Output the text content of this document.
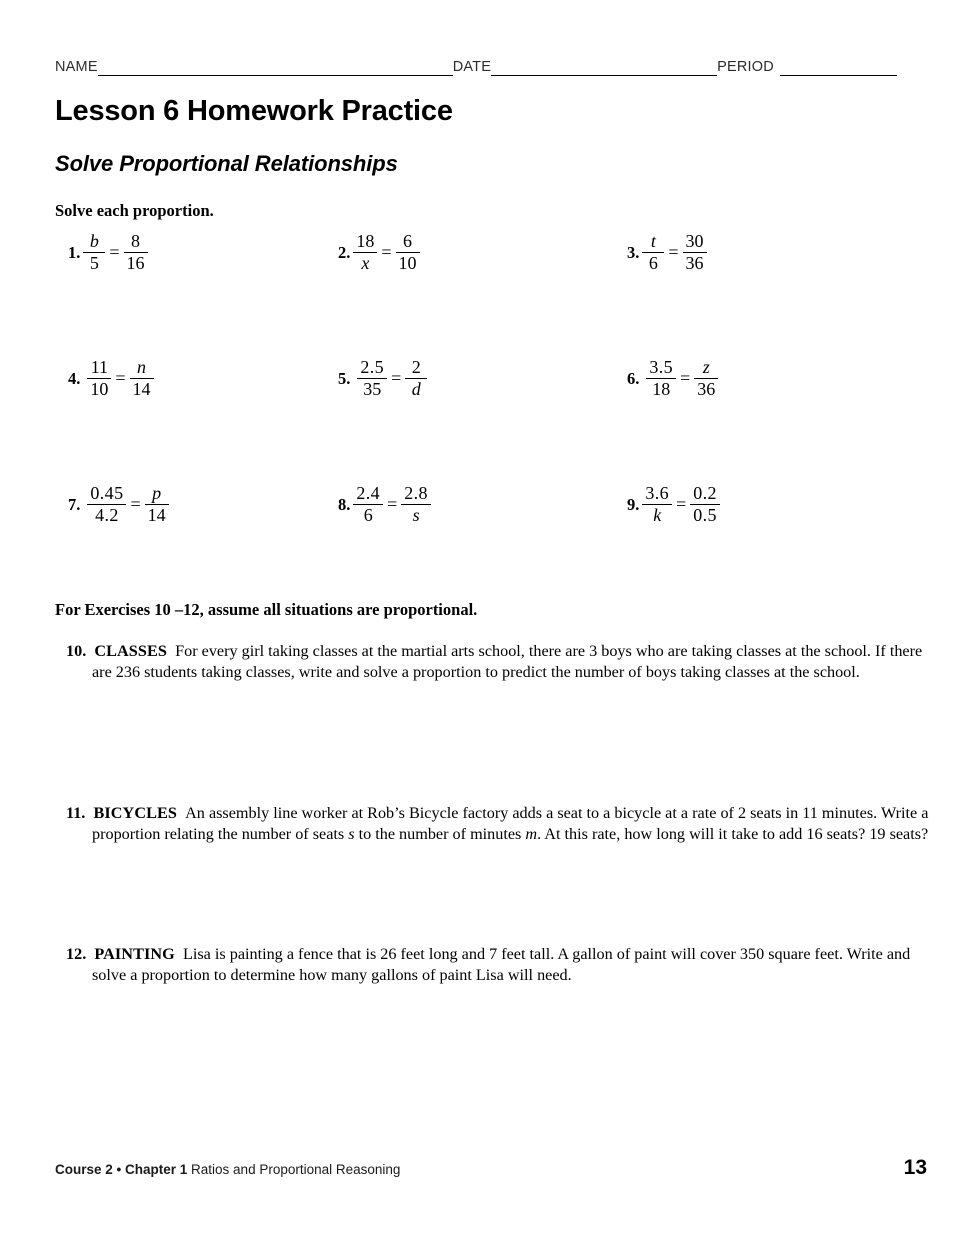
NAME	DATE	PERIOD
Lesson 6 Homework Practice
Solve Proportional Relationships
Solve each proportion.
1. $\frac{b}{5} = \frac{8}{16}$	2. $\frac{18}{x} = \frac{6}{10}$	3. $\frac{t}{6} = \frac{30}{36}$
4. $\frac{11}{10} = \frac{n}{14}$	5. $\frac{2.5}{35} = \frac{2}{d}$	6. $\frac{3.5}{18} = \frac{z}{36}$
7. $\frac{0.45}{4.2} = \frac{p}{14}$	8. $\frac{2.4}{6} = \frac{2.8}{s}$	9. $\frac{3.6}{k} = \frac{0.2}{0.5}$
For Exercises 10 –12, assume all situations are proportional.
10. CLASSES For every girl taking classes at the martial arts school, there are 3 boys who are taking classes at the school. If there are 236 students taking classes, write and solve a proportion to predict the number of boys taking classes at the school.
11. BICYCLES An assembly line worker at Rob’s Bicycle factory adds a seat to a bicycle at a rate of 2 seats in 11 minutes. Write a proportion relating the number of seats s to the number of minutes m. At this rate, how long will it take to add 16 seats? 19 seats?
12. PAINTING Lisa is painting a fence that is 26 feet long and 7 feet tall. A gallon of paint will cover 350 square feet. Write and solve a proportion to determine how many gallons of paint Lisa will need.
Course 2 • Chapter 1 Ratios and Proportional Reasoning	13
